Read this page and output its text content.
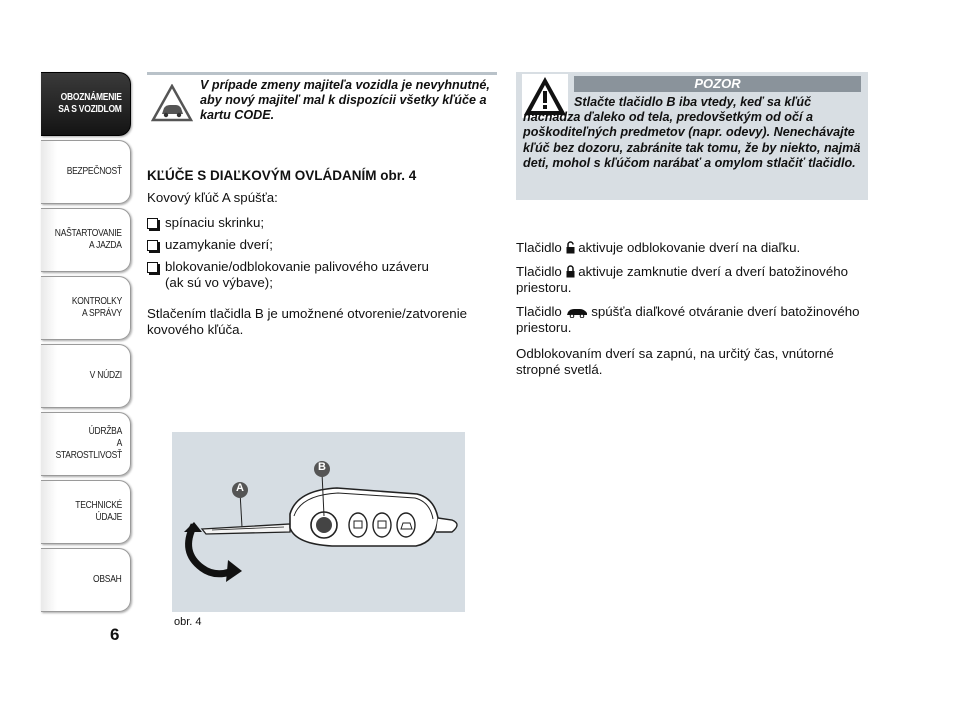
OBOZNÁMENIE
SA S VOZIDLOM
BEZPEČNOSŤ
NAŠTARTOVANIE
A JAZDA
KONTROLKY
A SPRÁVY
V NÚDZI
ÚDRŽBA
A STAROSTLIVOSŤ
TECHNICKÉ
ÚDAJE
OBSAH
6
V prípade zmeny majiteľa vozidla je nevyhnutné, aby nový majiteľ mal k dispozícii všetky kľúče a kartu CODE.
KĽÚČE S DIAĽKOVÝM OVLÁDANÍM obr. 4
Kovový kľúč A spúšťa:
spínaciu skrinku;
uzamykanie dverí;
blokovanie/odblokovanie palivového uzáveru
(ak sú vo výbave);
Stlačením tlačidla B je umožnené otvorenie/zatvorenie kovového kľúča.
POZOR
Stlačte tlačidlo B iba vtedy, keď sa kľúč nachádza ďaleko od tela, predovšetkým od očí a poškoditeľných predmetov (napr. odevy). Nenechávajte kľúč bez dozoru, zabránite tak tomu, že by niekto, najmä deti, mohol s kľúčom narábať a omylom stlačiť tlačidlo.
Tlačidlo aktivuje odblokovanie dverí na diaľku.
Tlačidlo aktivuje zamknutie dverí a dverí batožinového priestoru.
Tlačidlo spúšťa diaľkové otváranie dverí batožinového priestoru.
Odblokovaním dverí sa zapnú, na určitý čas, vnútorné stropné svetlá.
A
B
obr. 4
